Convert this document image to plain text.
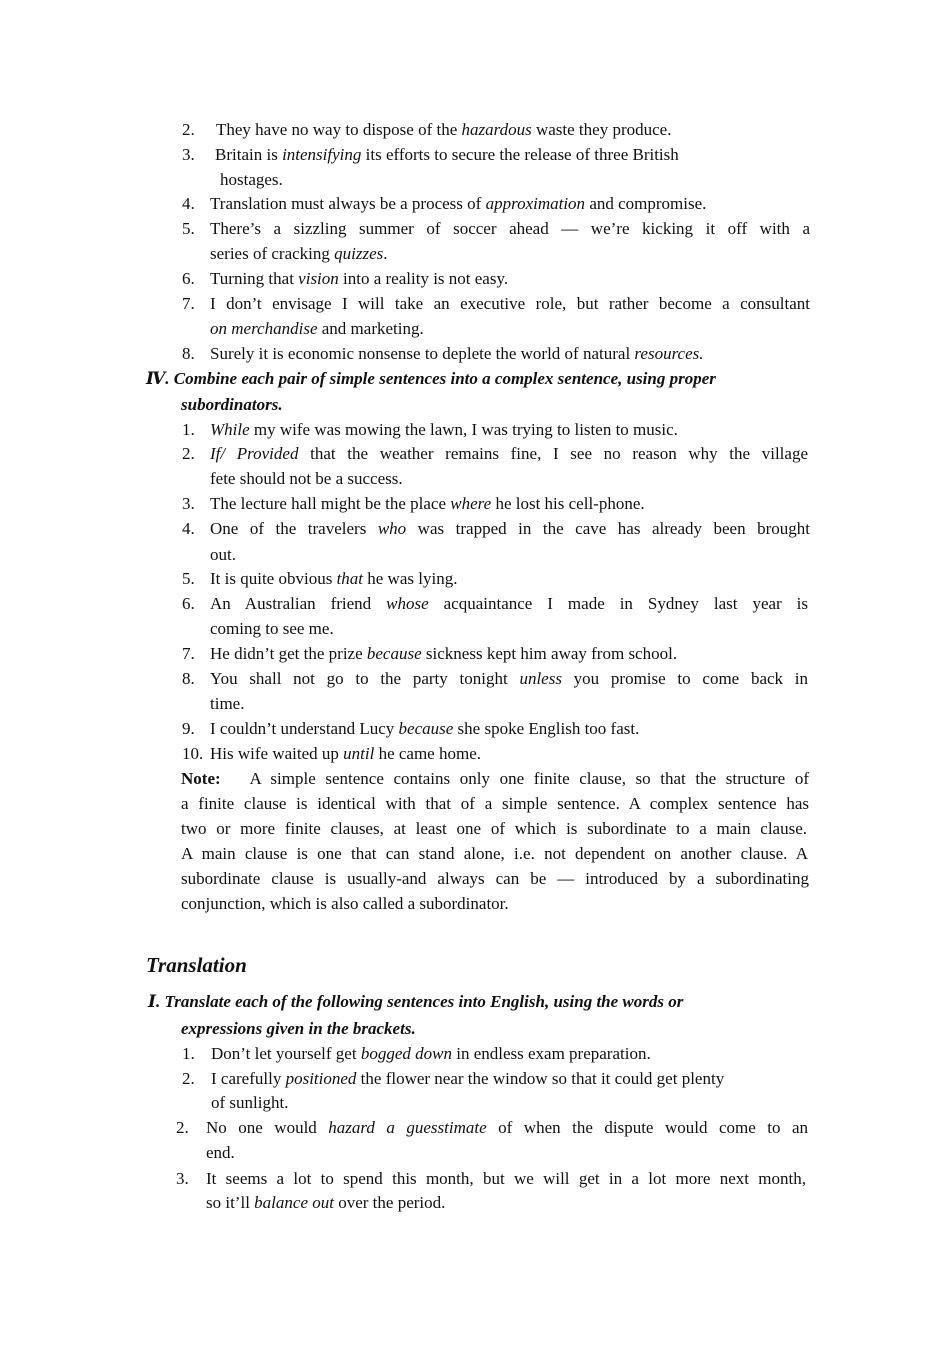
2. They have no way to dispose of the hazardous waste they produce.
3. Britain is intensifying its efforts to secure the release of three British
hostages.
4. Translation must always be a process of approximation and compromise.
5. There’s a sizzling summer of soccer ahead — we’re kicking it off with a
series of cracking quizzes.
6. Turning that vision into a reality is not easy.
7. I don’t envisage I will take an executive role, but rather become a consultant
on merchandise and marketing.
8. Surely it is economic nonsense to deplete the world of natural resources.
Ⅳ. Combine each pair of simple sentences into a complex sentence, using proper
subordinators.
1. While my wife was mowing the lawn, I was trying to listen to music.
2. If/ Provided that the weather remains fine, I see no reason why the village
fete should not be a success.
3. The lecture hall might be the place where he lost his cell-phone.
4. One of the travelers who was trapped in the cave has already been brought
out.
5. It is quite obvious that he was lying.
6. An Australian friend whose acquaintance I made in Sydney last year is
coming to see me.
7. He didn’t get the prize because sickness kept him away from school.
8. You shall not go to the party tonight unless you promise to come back in
time.
9. I couldn’t understand Lucy because she spoke English too fast.
10. His wife waited up until he came home.
Note: A simple sentence contains only one finite clause, so that the structure of
a finite clause is identical with that of a simple sentence. A complex sentence has
two or more finite clauses, at least one of which is subordinate to a main clause.
A main clause is one that can stand alone, i.e. not dependent on another clause. A
subordinate clause is usually-and always can be — introduced by a subordinating
conjunction, which is also called a subordinator.
Translation
Ⅰ. Translate each of the following sentences into English, using the words or
expressions given in the brackets.
1. Don’t let yourself get bogged down in endless exam preparation.
2. I carefully positioned the flower near the window so that it could get plenty
of sunlight.
2. No one would hazard a guesstimate of when the dispute would come to an
end.
3. It seems a lot to spend this month, but we will get in a lot more next month,
so it’ll balance out over the period.
